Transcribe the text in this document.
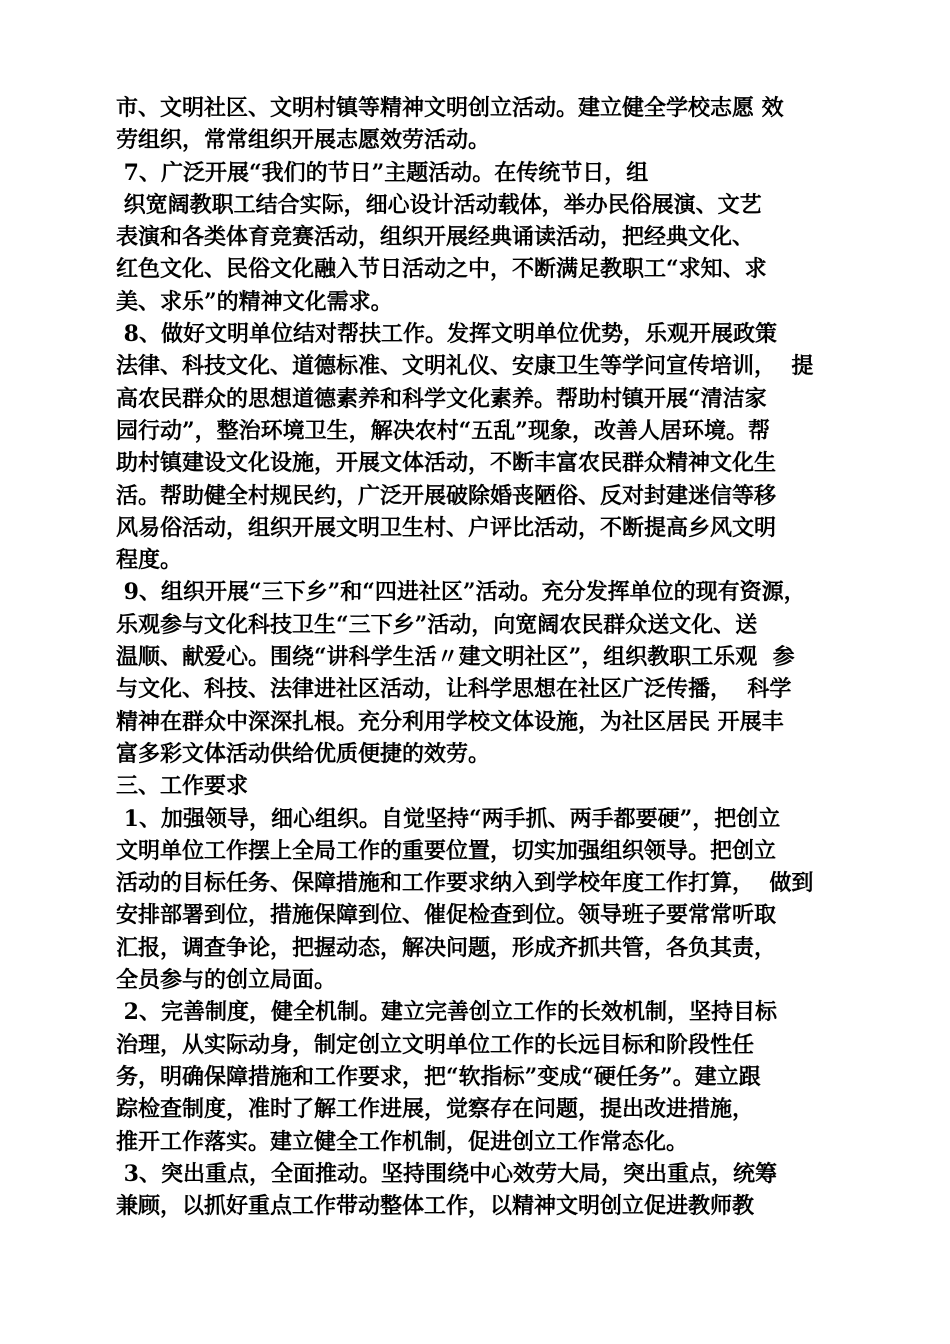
市、文明社区、文明村镇等精神文明创立活动。建立健全学校志愿 效
劳组织，常常组织开展志愿效劳活动。
7、广泛开展“我们的节日”主题活动。在传统节日，组
织宽阔教职工结合实际，细心设计活动载体，举办民俗展演、文艺
表演和各类体育竞赛活动，组织开展经典诵读活动，把经典文化、
红色文化、民俗文化融入节日活动之中，不断满足教职工“求知、求
美、求乐”的精神文化需求。
8、做好文明单位结对帮扶工作。发挥文明单位优势，乐观开展政策
法律、科技文化、道德标准、文明礼仪、安康卫生等学问宣传培训，  提
高农民群众的思想道德素养和科学文化素养。帮助村镇开展“清洁家
园行动”，整治环境卫生，解决农村“五乱”现象，改善人居环境。帮
助村镇建设文化设施，开展文体活动，不断丰富农民群众精神文化生
活。帮助健全村规民约，广泛开展破除婚丧陋俗、反对封建迷信等移
风易俗活动，组织开展文明卫生村、户评比活动，不断提高乡风文明
程度。
9、组织开展“三下乡”和“四进社区”活动。充分发挥单位的现有资源，
乐观参与文化科技卫生“三下乡”活动，向宽阔农民群众送文化、送
温顺、献爱心。围绕“讲科学生活〃建文明社区”，组织教职工乐观  参
与文化、科技、法律进社区活动，让科学思想在社区广泛传播，  科学
精神在群众中深深扎根。充分利用学校文体设施，为社区居民 开展丰
富多彩文体活动供给优质便捷的效劳。
三、工作要求
1、加强领导，细心组织。自觉坚持“两手抓、两手都要硬”，把创立
文明单位工作摆上全局工作的重要位置，切实加强组织领导。把创立
活动的目标任务、保障措施和工作要求纳入到学校年度工作打算，  做到
安排部署到位，措施保障到位、催促检查到位。领导班子要常常听取
汇报，调查争论，把握动态，解决问题，形成齐抓共管，各负其责，
全员参与的创立局面。
2、完善制度，健全机制。建立完善创立工作的长效机制，坚持目标
治理，从实际动身，制定创立文明单位工作的长远目标和阶段性任
务，明确保障措施和工作要求，把“软指标”变成“硬任务”。建立跟
踪检查制度，准时了解工作进展，觉察存在问题，提出改进措施，
推开工作落实。建立健全工作机制，促进创立工作常态化。
3、突出重点，全面推动。坚持围绕中心效劳大局，突出重点，统筹
兼顾，以抓好重点工作带动整体工作，以精神文明创立促进教师教
